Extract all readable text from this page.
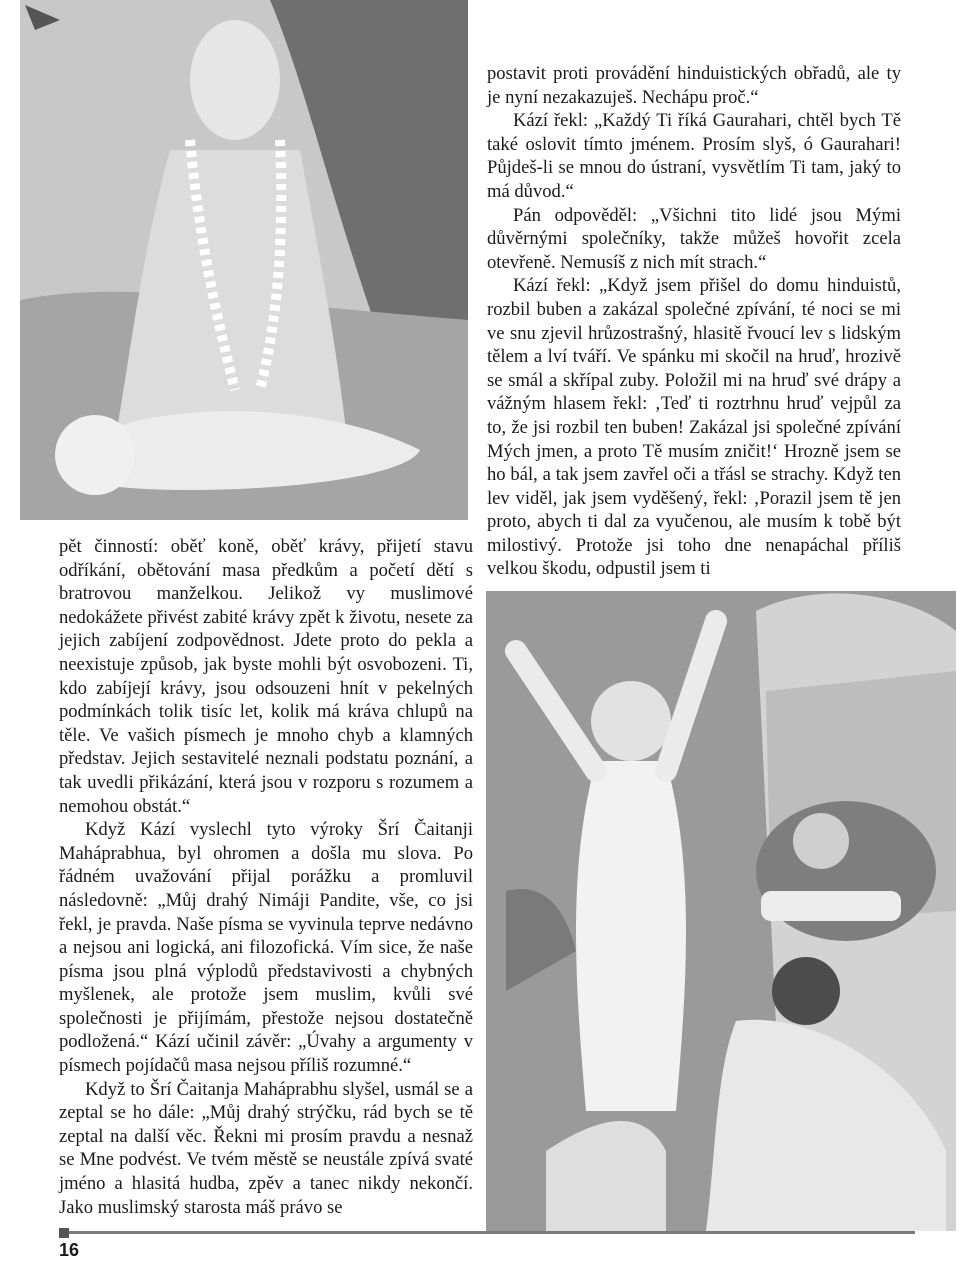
pět činností: oběť koně, oběť krávy, přijetí stavu odříkání, obětování masa předkům a početí dětí s bratrovou manželkou. Jelikož vy muslimové nedokážete přivést zabité krávy zpět k životu, nesete za jejich zabíjení zodpovědnost. Jdete proto do pekla a neexistuje způsob, jak byste mohli být osvobozeni. Ti, kdo zabíjejí krávy, jsou odsouzeni hnít v pekelných podmínkách tolik tisíc let, kolik má kráva chlupů na těle. Ve vašich písmech je mnoho chyb a klamných představ. Jejich sestavitelé neznali podstatu poznání, a tak uvedli přikázání, která jsou v rozporu s rozumem a nemohou obstát.“

Když Kází vyslechl tyto výroky Šrí Čaitanji Maháprabhua, byl ohromen a došla mu slova. Po řádném uvažování přijal porážku a promluvil následovně: „Můj drahý Nimáji Pandite, vše, co jsi řekl, je pravda. Naše písma se vyvinula teprve nedávno a nejsou ani logická, ani filozofická. Vím sice, že naše písma jsou plná výplodů představivosti a chybných myšlenek, ale protože jsem muslim, kvůli své společnosti je přijímám, přestože nejsou dostatečně podložená.“ Kází učinil závěr: „Úvahy a argumenty v písmech pojídačů masa nejsou příliš rozumné.“

Když to Šrí Čaitanja Maháprabhu slyšel, usmál se a zeptal se ho dále: „Můj drahý strýčku, rád bych se tě zeptal na další věc. Řekni mi prosím pravdu a nesnaž se Mne podvést. Ve tvém městě se neustále zpívá svaté jméno a hlasitá hudba, zpěv a tanec nikdy nekončí. Jako muslimský starosta máš právo se

postavit proti provádění hinduistických obřadů, ale ty je nyní nezakazuješ. Nechápu proč.“

Kází řekl: „Každý Ti říká Gaurahari, chtěl bych Tě také oslovit tímto jménem. Prosím slyš, ó Gaurahari! Půjdeš-li se mnou do ústraní, vysvětlím Ti tam, jaký to má důvod.“

Pán odpověděl: „Všichni tito lidé jsou Mými důvěrnými společníky, takže můžeš hovořit zcela otevřeně. Nemusíš z nich mít strach.“

Kází řekl: „Když jsem přišel do domu hinduistů, rozbil buben a zakázal společné zpívání, té noci se mi ve snu zjevil hrůzostrašný, hlasitě řvoucí lev s lidským tělem a lví tváří. Ve spánku mi skočil na hruď, hrozivě se smál a skřípal zuby. Položil mi na hruď své drápy a vážným hlasem řekl: ‚Teď ti roztrhnu hruď vejpůl za to, že jsi rozbil ten buben! Zakázal jsi společné zpívání Mých jmen, a proto Tě musím zničit!‘ Hrozně jsem se ho bál, a tak jsem zavřel oči a třásl se strachy. Když ten lev viděl, jak jsem vyděšený, řekl: ‚Porazil jsem tě jen proto, abych ti dal za vyučenou, ale musím k tobě být milostivý. Protože jsi toho dne nenapáchal příliš velkou škodu, odpustil jsem ti

16
